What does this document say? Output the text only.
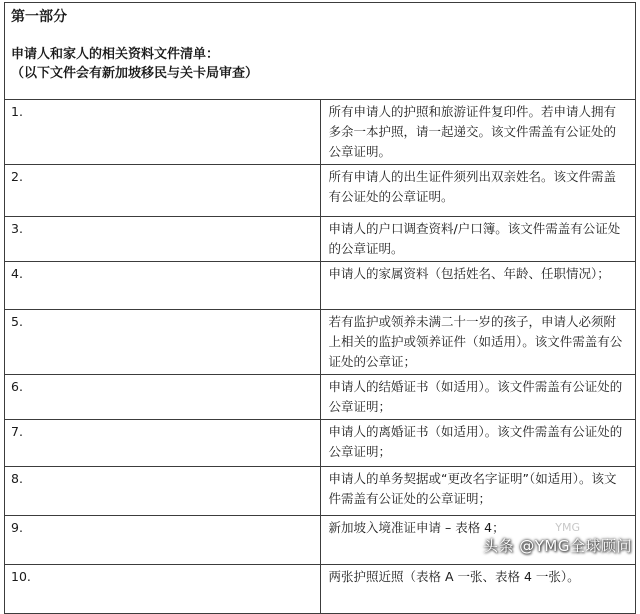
第一部分
申请人和家人的相关资料文件清单：
（以下文件会有新加坡移民与关卡局审查）	

1.	所有申请人的护照和旅游证件复印件。若申请人拥有多余一本护照，请一起递交。该文件需盖有公证处的公章证明。
2.	所有申请人的出生证件须列出双亲姓名。该文件需盖有公证处的公章证明。
3.	申请人的户口调查资料/户口簿。该文件需盖有公证处的公章证明。
4.	申请人的家属资料（包括姓名、年龄、任职情况）；
5.	若有监护或领养未满二十一岁的孩子，申请人必须附上相关的监护或领养证件（如适用）。该文件需盖有公证处的公章证；
6.	申请人的结婚证书（如适用）。该文件需盖有公证处的公章证明；
7.	申请人的离婚证书（如适用）。该文件需盖有公证处的公章证明；
8.	申请人的单务契据或“更改名字证明”（如适用）。该文件需盖有公证处的公章证明；
9.	新加坡入境准证申请 – 表格 4；
10.	两张护照近照（表格 A 一张、表格 4 一张）。
YMG
头条 @YMG全球顾问
